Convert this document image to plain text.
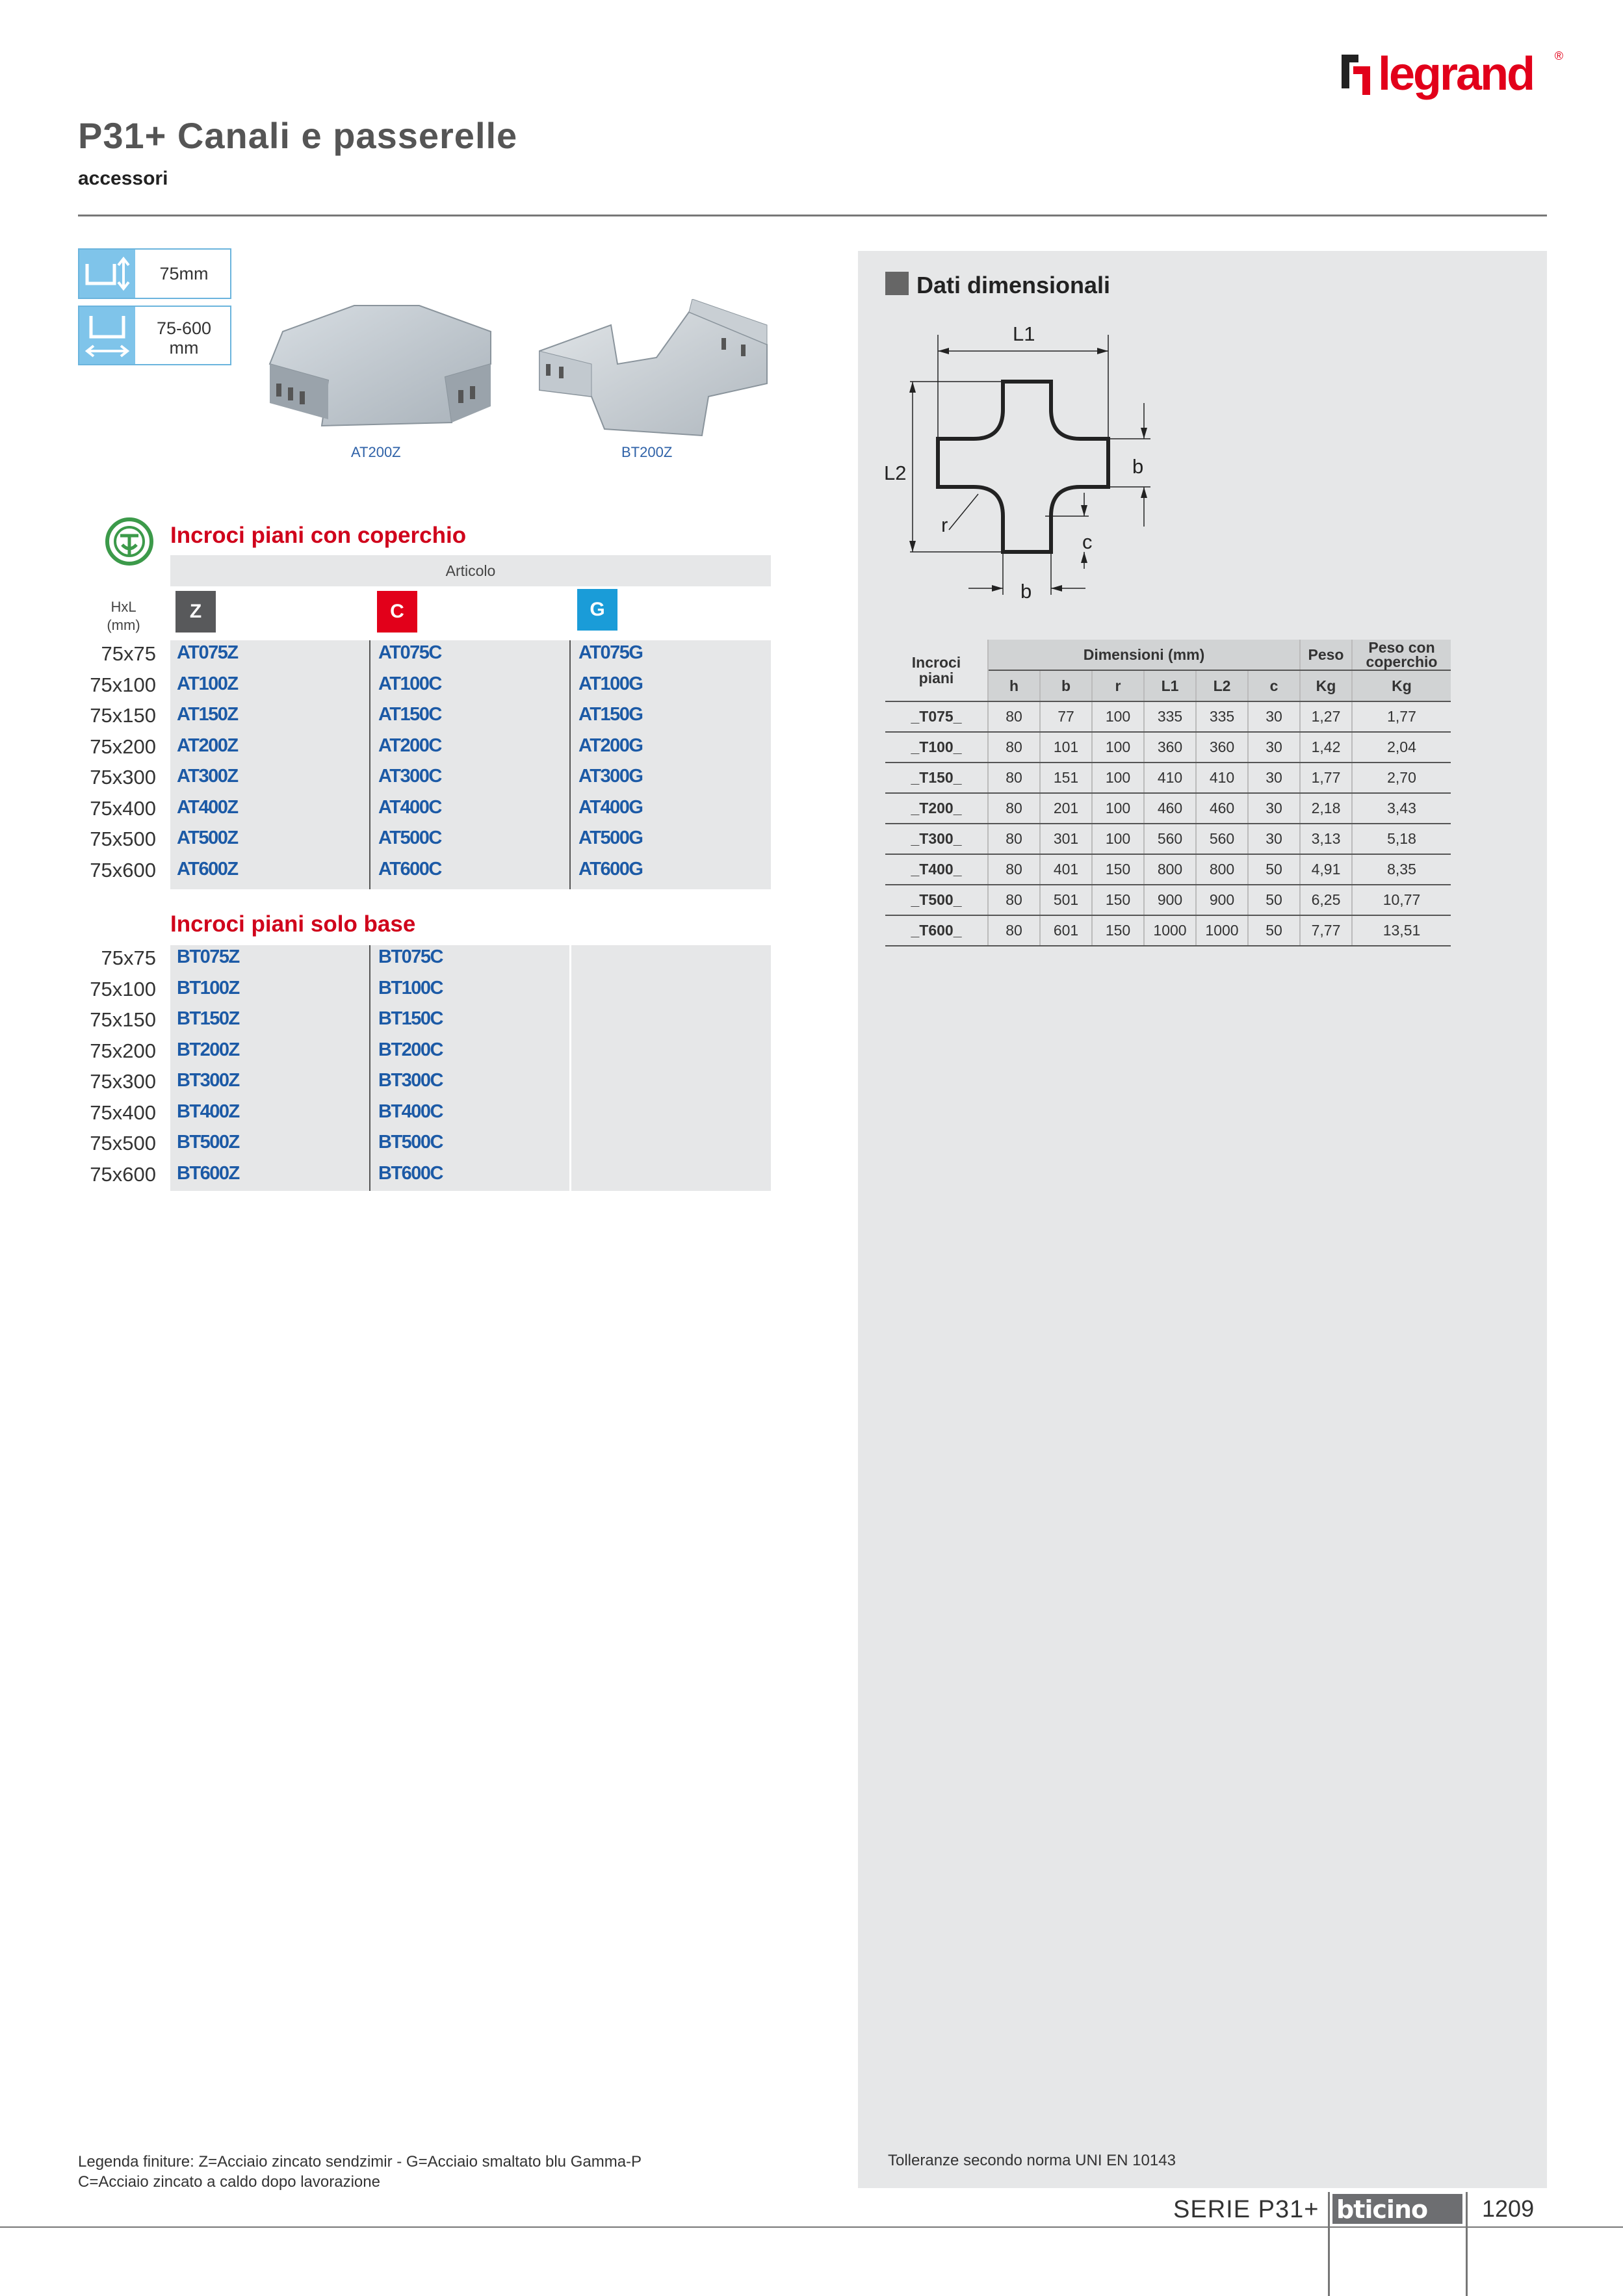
legrand ®
P31+ Canali e passerelle
accessori
75mm
75-600
mm
AT200Z	BT200Z
Incroci piani con coperchio
Articolo
HxL
(mm)
Z	C	G
75x75 AT075Z	AT075C	AT075G
75x100 AT100Z	AT100C	AT100G
75x150 AT150Z	AT150C	AT150G
75x200 AT200Z	AT200C	AT200G
75x300 AT300Z	AT300C	AT300G
75x400 AT400Z	AT400C	AT400G
75x500 AT500Z	AT500C	AT500G
75x600 AT600Z	AT600C	AT600G
Incroci piani solo base
75x75 BT075Z	BT075C
75x100 BT100Z	BT100C
75x150 BT150Z	BT150C
75x200 BT200Z	BT200C
75x300 BT300Z	BT300C
75x400 BT400Z	BT400C
75x500 BT500Z	BT500C
75x600 BT600Z	BT600C
Dati dimensionali
L1
L2	b
r
c
b
Incroci
piani	Dimensioni (mm)						Peso	Peso con
coperchio
	h	b	r	L1	L2	c	Kg	Kg
_T075_	80	77	100	335	335	30	1,27	1,77
_T100_	80	101	100	360	360	30	1,42	2,04
_T150_	80	151	100	410	410	30	1,77	2,70
_T200_	80	201	100	460	460	30	2,18	3,43
_T300_	80	301	100	560	560	30	3,13	5,18
_T400_	80	401	150	800	800	50	4,91	8,35
_T500_	80	501	150	900	900	50	6,25	10,77
_T600_	80	601	150	1000	1000	50	7,77	13,51
Tolleranze secondo norma UNI EN 10143
Legenda finiture: Z=Acciaio zincato sendzimir - G=Acciaio smaltato blu Gamma-P
C=Acciaio zincato a caldo dopo lavorazione
SERIE P31+ bticino 1209
